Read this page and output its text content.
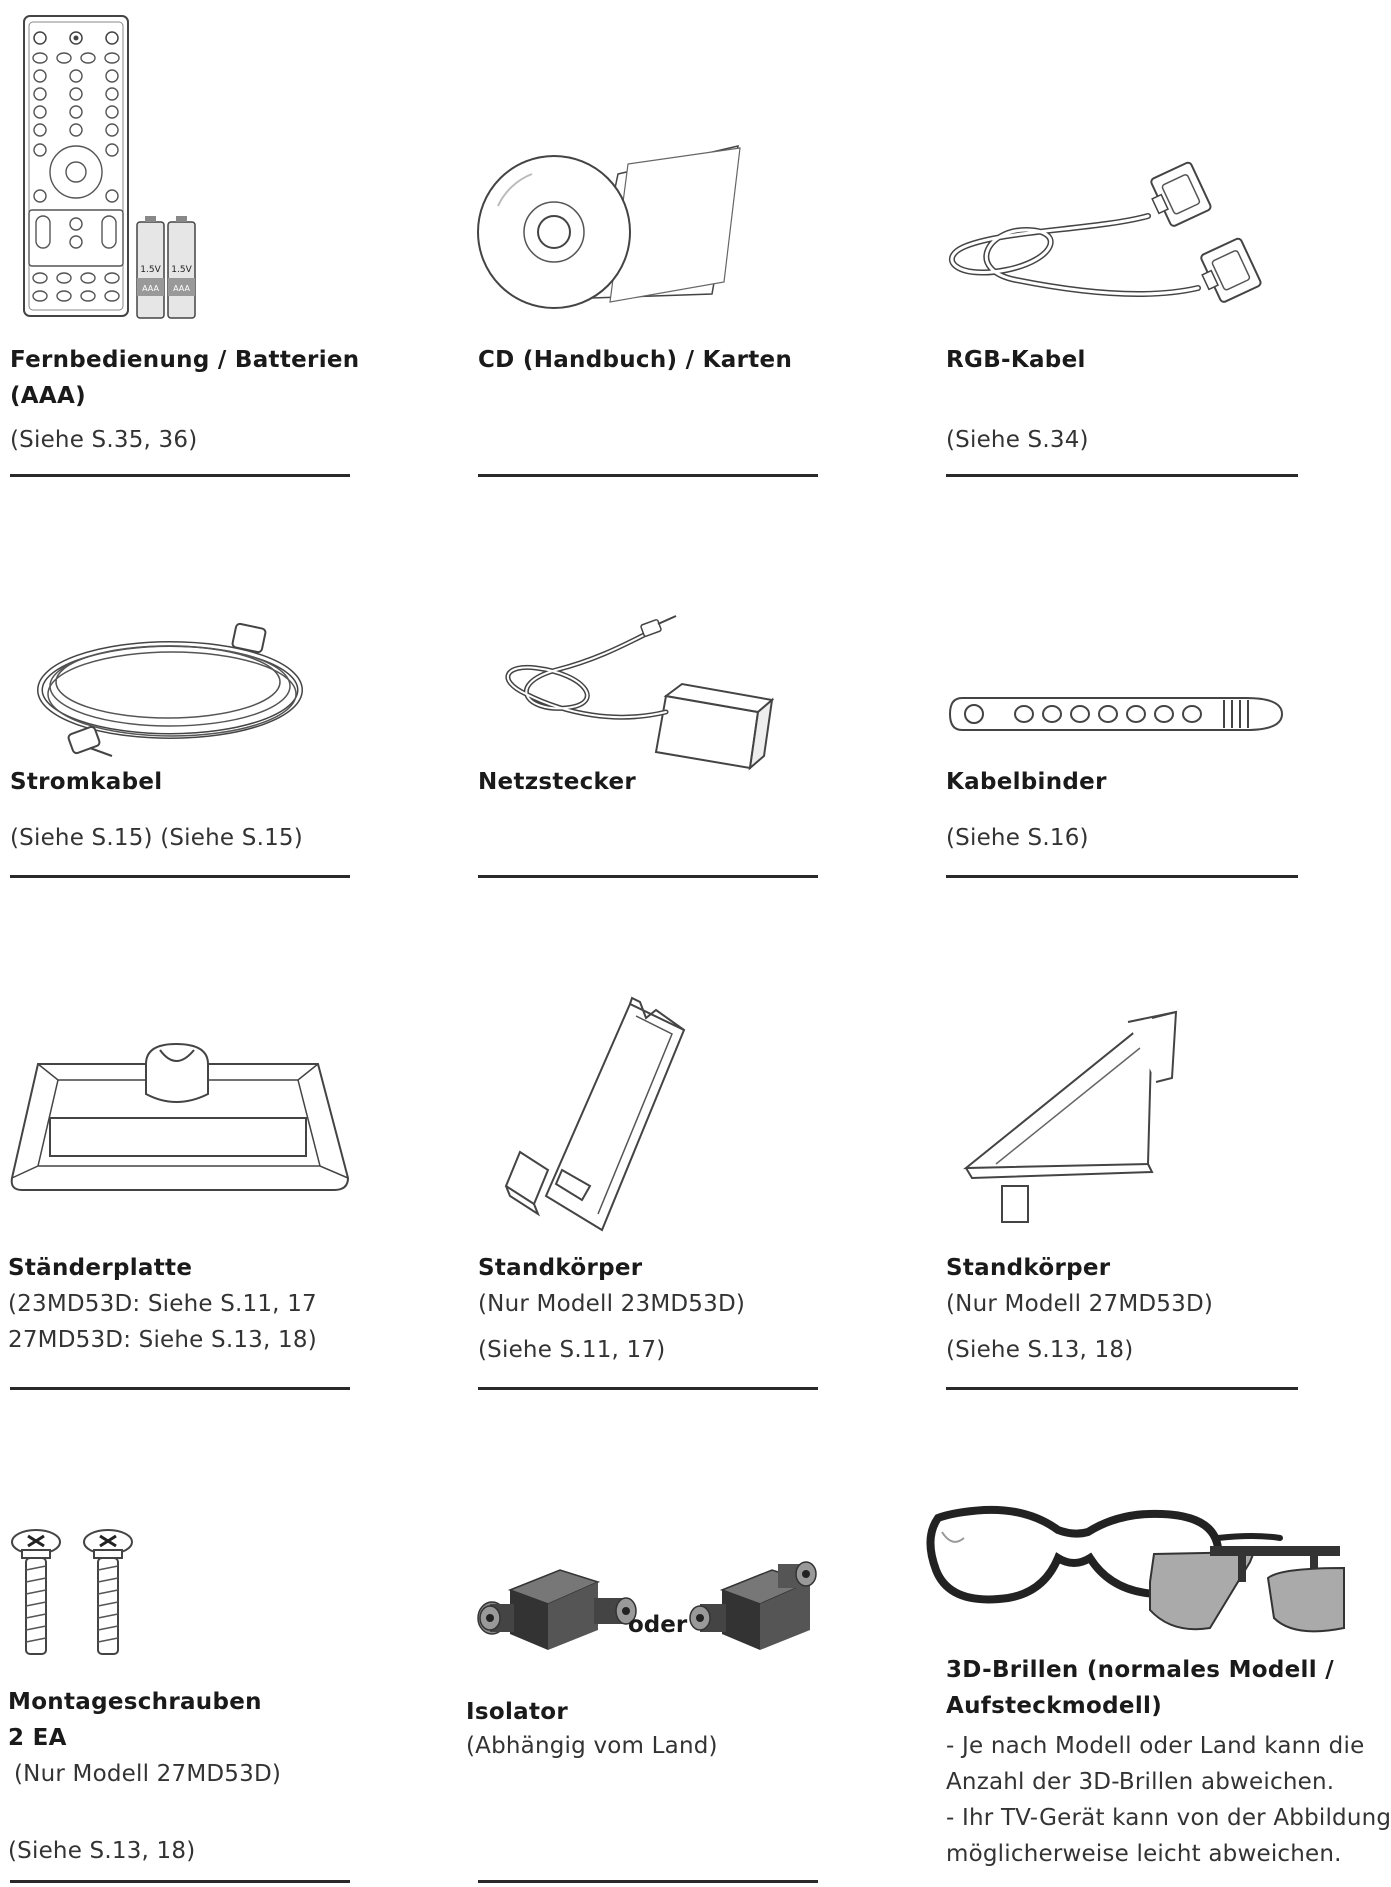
1.5V 1.5V
AAA AAA
Fernbedienung / Batterien
(AAA)
(Siehe S.35, 36)
CD (Handbuch) / Karten	RGB-Kabel
(Siehe S.34)
Stromkabel
(Siehe S.15) (Siehe S.15)
Netzstecker	Kabelbinder
(Siehe S.16)
Ständerplatte
(23MD53D: Siehe S.11, 17
27MD53D: Siehe S.13, 18)
Standkörper
(Nur Modell 23MD53D)
(Siehe S.11, 17)
Standkörper
(Nur Modell 27MD53D)
(Siehe S.13, 18)
Montageschrauben
2 EA
(Nur Modell 27MD53D)
(Siehe S.13, 18)
oder
Isolator
(Abhängig vom Land)
3D-Brillen (normales Modell /
Aufsteckmodell)
- Je nach Modell oder Land kann die
Anzahl der 3D-Brillen abweichen.
- Ihr TV-Gerät kann von der Abbildung
möglicherweise leicht abweichen.
